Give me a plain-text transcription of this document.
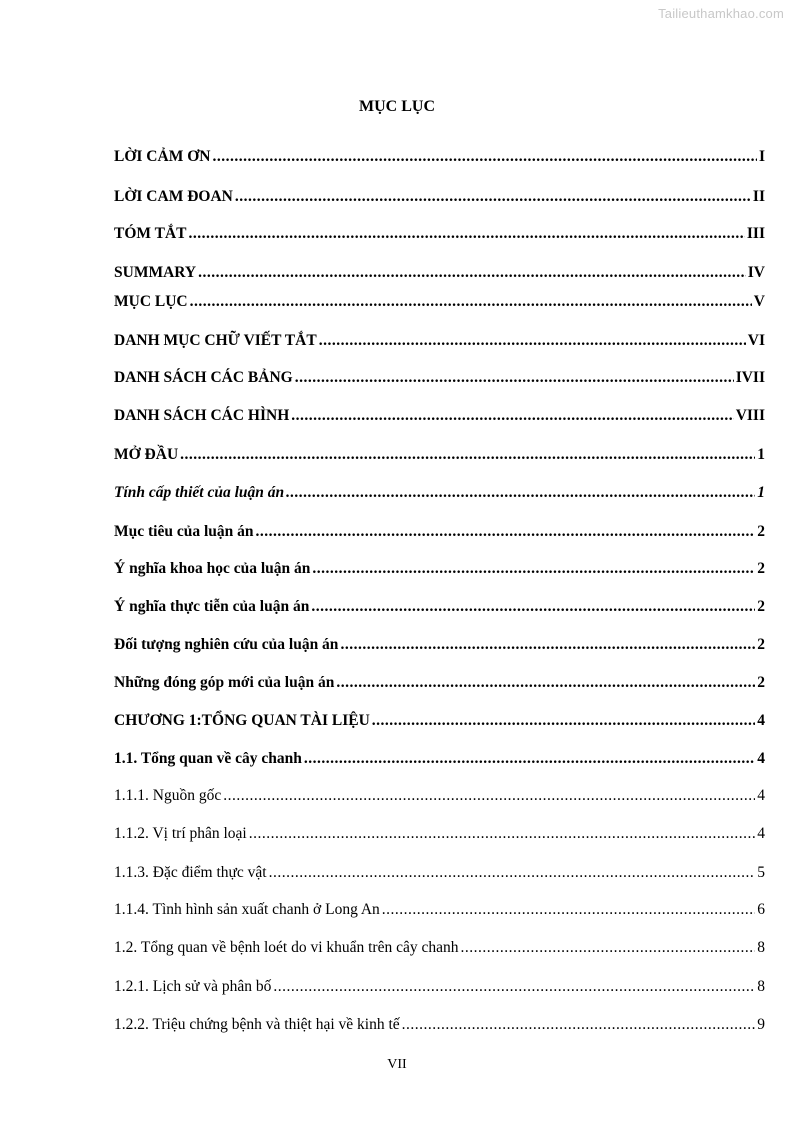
Tailieuthamkhao.com
MỤC LỤC
LỜI CẢM ƠN .....	I
LỜI CAM ĐOAN .....	II
TÓM TẮT .....	III
SUMMARY .....	IV
MỤC LỤC .....	V
DANH MỤC CHỮ VIẾT TẮT .....	VI
DANH SÁCH CÁC BẢNG .....	IVII
DANH SÁCH CÁC HÌNH .....	VIII
MỞ ĐẦU .....	1
Tính cấp thiết của luận án .....	1
Mục tiêu của luận án .....	2
Ý nghĩa khoa học của luận án .....	2
Ý nghĩa thực tiễn của luận án .....	2
Đối tượng nghiên cứu của luận án .....	2
Những đóng góp mới của luận án .....	2
CHƯƠNG 1:TỔNG QUAN TÀI LIỆU .....	4
1.1. Tổng quan về cây chanh .....	4
1.1.1. Nguồn gốc .....	4
1.1.2. Vị trí phân loại .....	4
1.1.3. Đặc điểm thực vật .....	5
1.1.4. Tình hình sản xuất chanh ở Long An .....	6
1.2. Tổng quan về bệnh loét do vi khuẩn trên cây chanh .....	8
1.2.1. Lịch sử và phân bố .....	8
1.2.2. Triệu chứng bệnh và thiệt hại về kinh tế .....	9
VII
